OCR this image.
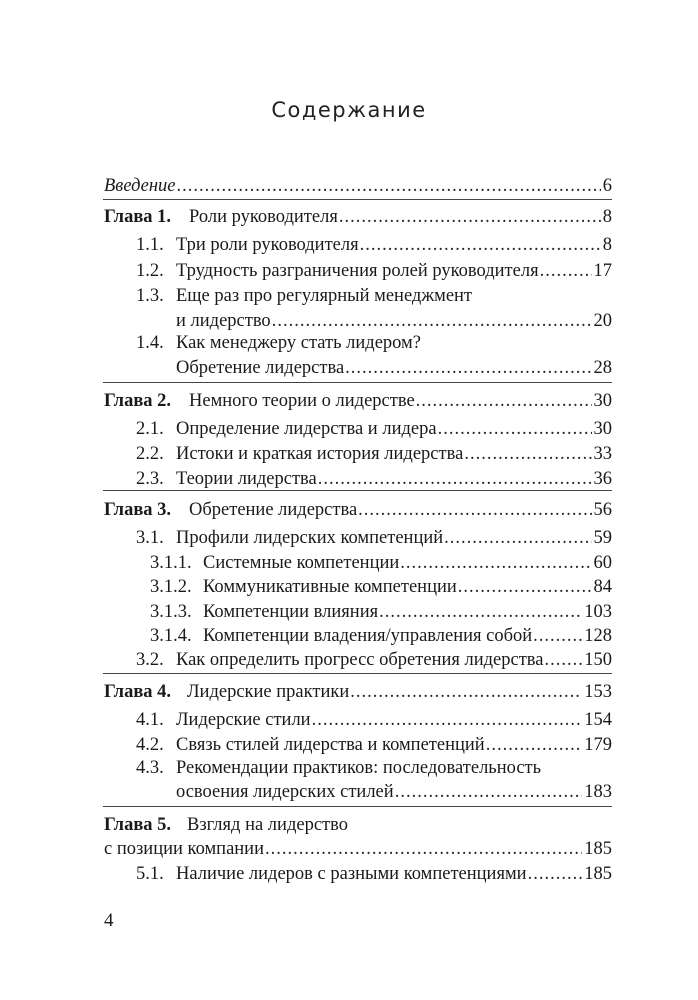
Содержание
Введение .....	6
Глава 1. Роли руководителя .....	8
1.1. Три роли руководителя .....	8
1.2. Трудность разграничения ролей руководителя .....	17
1.3. Еще раз про регулярный менеджмент
и лидерство .....	20
1.4. Как менеджеру стать лидером?
Обретение лидерства .....	28
Глава 2. Немного теории о лидерстве .....	30
2.1. Определение лидерства и лидера .....	30
2.2. Истоки и краткая история лидерства .....	33
2.3. Теории лидерства .....	36
Глава 3. Обретение лидерства .....	56
3.1. Профили лидерских компетенций .....	59
3.1.1. Системные компетенции .....	60
3.1.2. Коммуникативные компетенции .....	84
3.1.3. Компетенции влияния .....	103
3.1.4. Компетенции владения/управления собой .....	128
3.2. Как определить прогресс обретения лидерства ..... 150
Глава 4. Лидерские практики .....	153
4.1. Лидерские стили .....	154
4.2. Связь стилей лидерства и компетенций .....	179
4.3. Рекомендации практиков: последовательность
освоения лидерских стилей .....	183
Глава 5. Взгляд на лидерство
с позиции компании .....	185
5.1. Наличие лидеров с разными компетенциями .....	185
4
